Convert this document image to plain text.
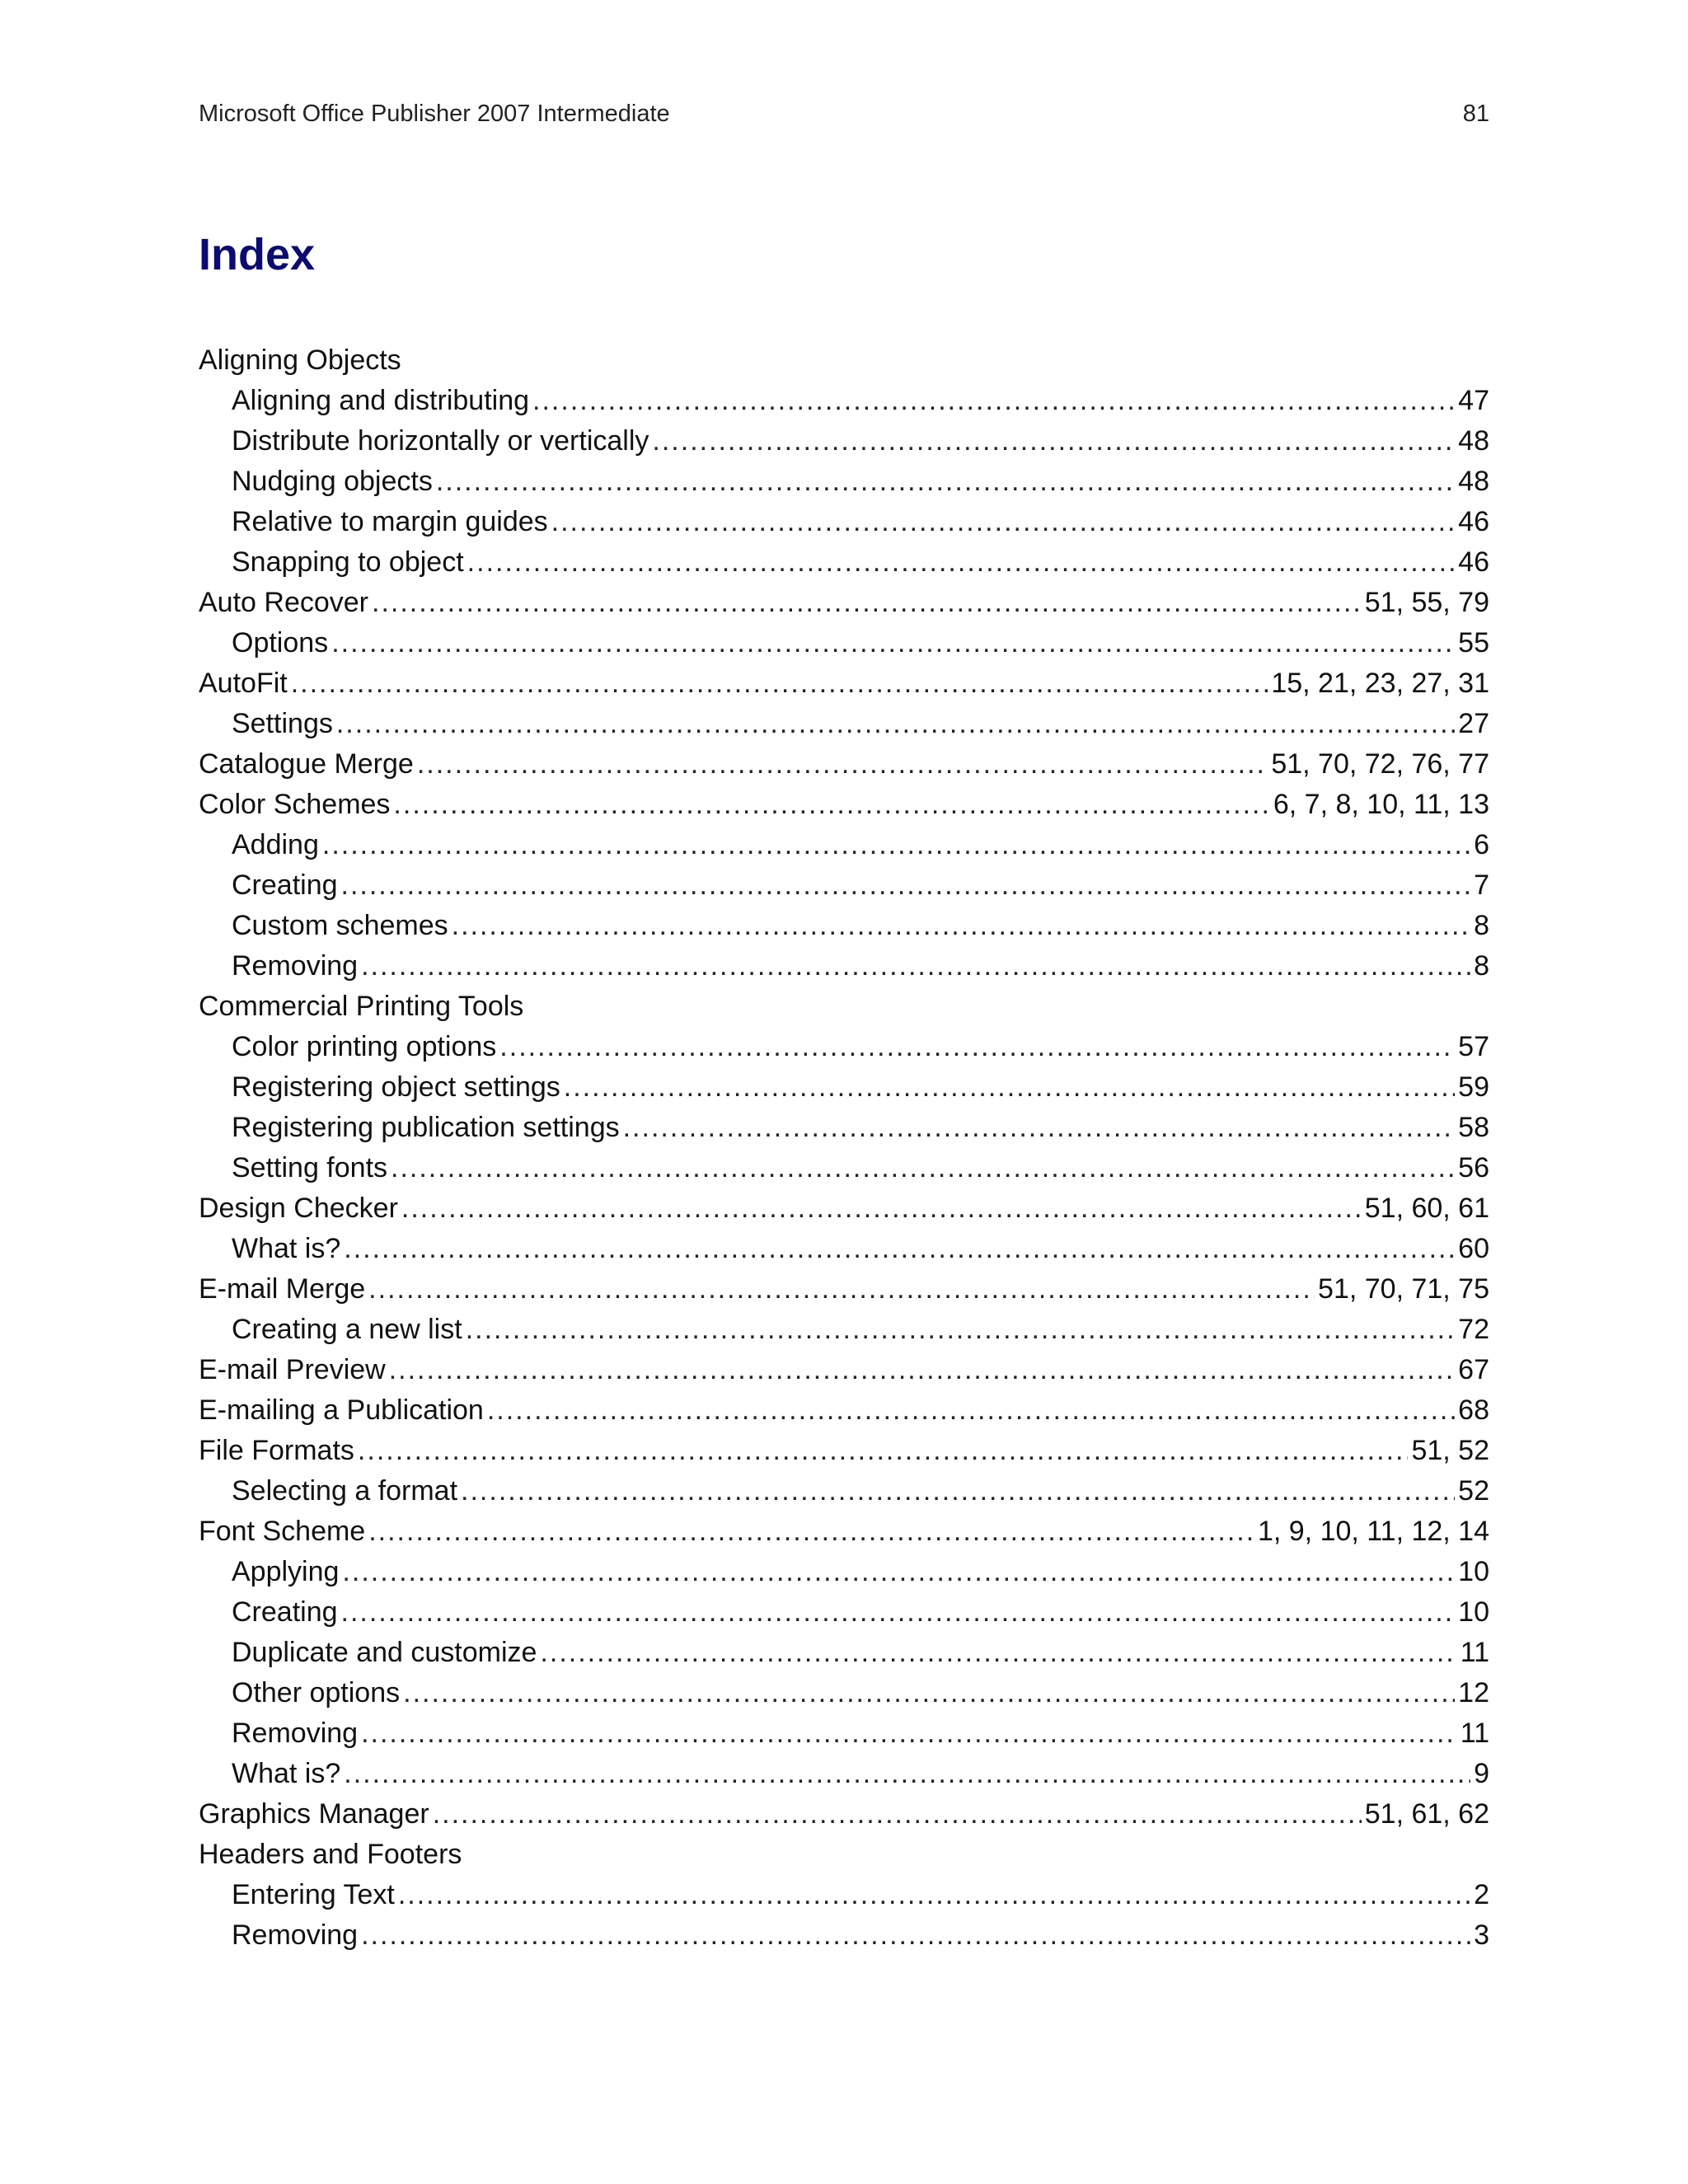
Microsoft Office Publisher 2007 Intermediate	81
Index
Aligning Objects
Aligning and distributing .....	47
Distribute horizontally or vertically .....	48
Nudging objects .....	48
Relative to margin guides .....	46
Snapping to object .....	46
Auto Recover .....	51, 55, 79
Options .....	55
AutoFit .....	15, 21, 23, 27, 31
Settings .....	27
Catalogue Merge .....	51, 70, 72, 76, 77
Color Schemes .....	6, 7, 8, 10, 11, 13
Adding .....	6
Creating .....	7
Custom schemes .....	8
Removing .....	8
Commercial Printing Tools
Color printing options .....	57
Registering object settings .....	59
Registering publication settings .....	58
Setting fonts .....	56
Design Checker .....	51, 60, 61
What is? .....	60
E-mail Merge .....	51, 70, 71, 75
Creating a new list .....	72
E-mail Preview .....	67
E-mailing a Publication .....	68
File Formats .....	51, 52
Selecting a format .....	52
Font Scheme .....	1, 9, 10, 11, 12, 14
Applying .....	10
Creating .....	10
Duplicate and customize .....	11
Other options .....	12
Removing .....	11
What is? .....	9
Graphics Manager .....	51, 61, 62
Headers and Footers
Entering Text .....	2
Removing .....	3
